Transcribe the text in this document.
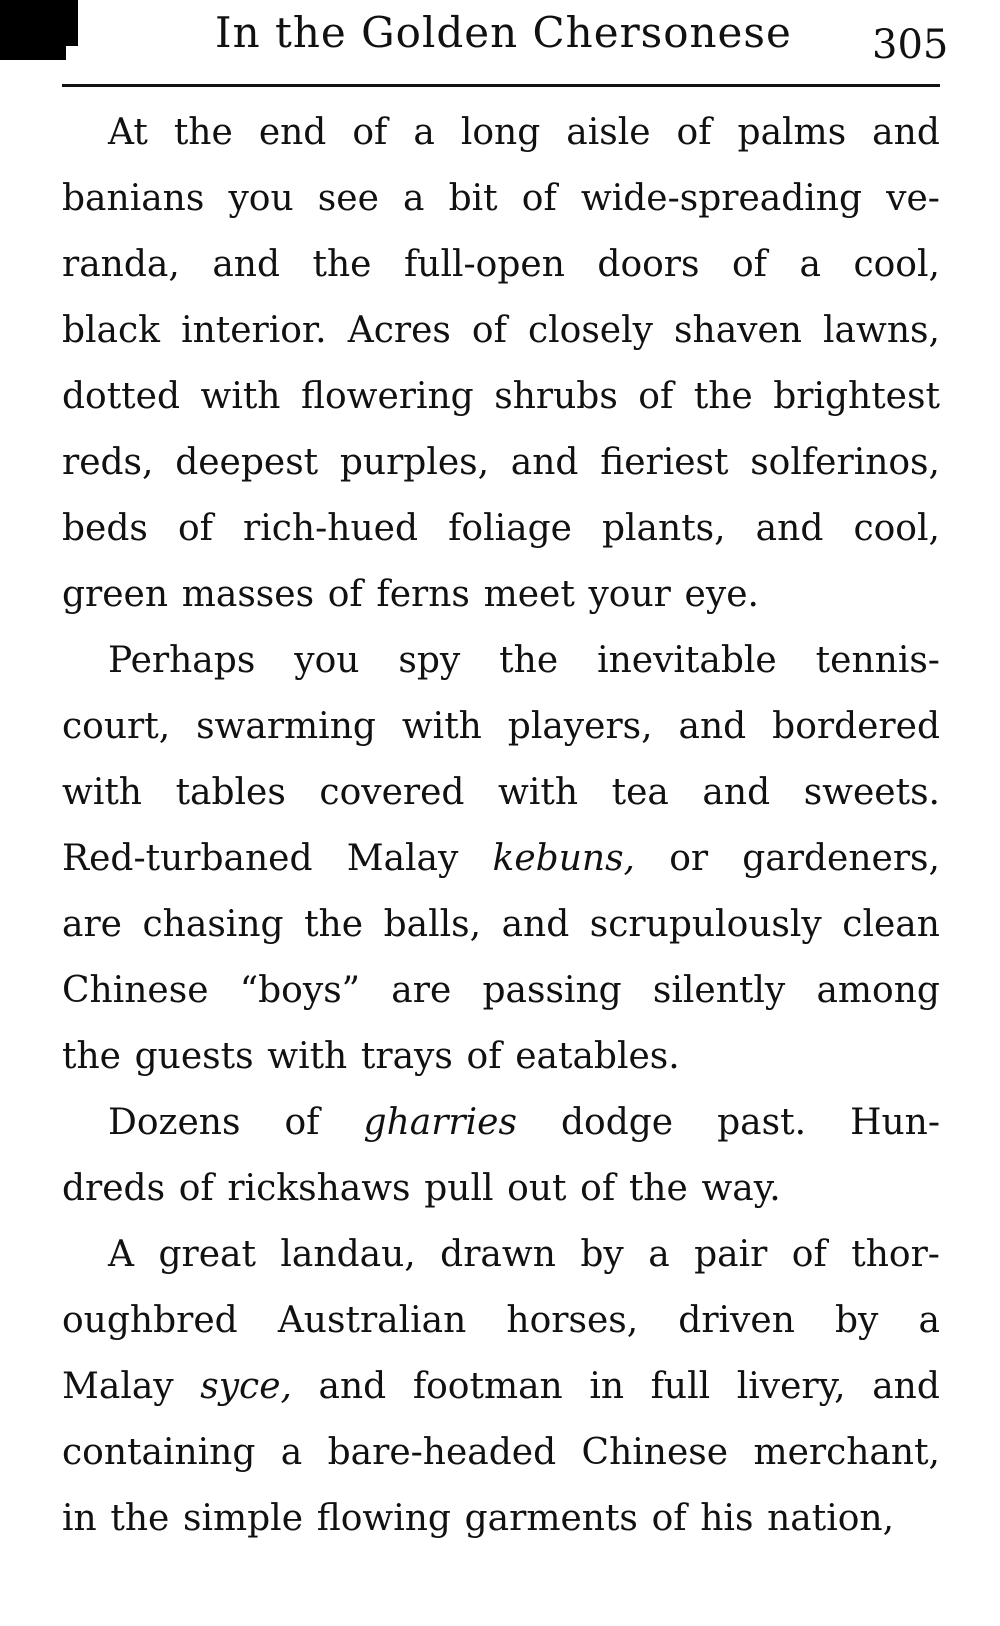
In the Golden Chersonese 305
At the end of a long aisle of palms and
banians you see a bit of wide-spreading ve-
randa, and the full-open doors of a cool,
black interior. Acres of closely shaven lawns,
dotted with flowering shrubs of the brightest
reds, deepest purples, and fieriest solferinos,
beds of rich-hued foliage plants, and cool,
green masses of ferns meet your eye.
Perhaps you spy the inevitable tennis-
court, swarming with players, and bordered
with tables covered with tea and sweets.
Red-turbaned Malay kebuns, or gardeners,
are chasing the balls, and scrupulously clean
Chinese “boys” are passing silently among
the guests with trays of eatables.
Dozens of gharries dodge past. Hun-
dreds of rickshaws pull out of the way.
A great landau, drawn by a pair of thor-
oughbred Australian horses, driven by a
Malay syce, and footman in full livery, and
containing a bare-headed Chinese merchant,
in the simple flowing garments of his nation,
